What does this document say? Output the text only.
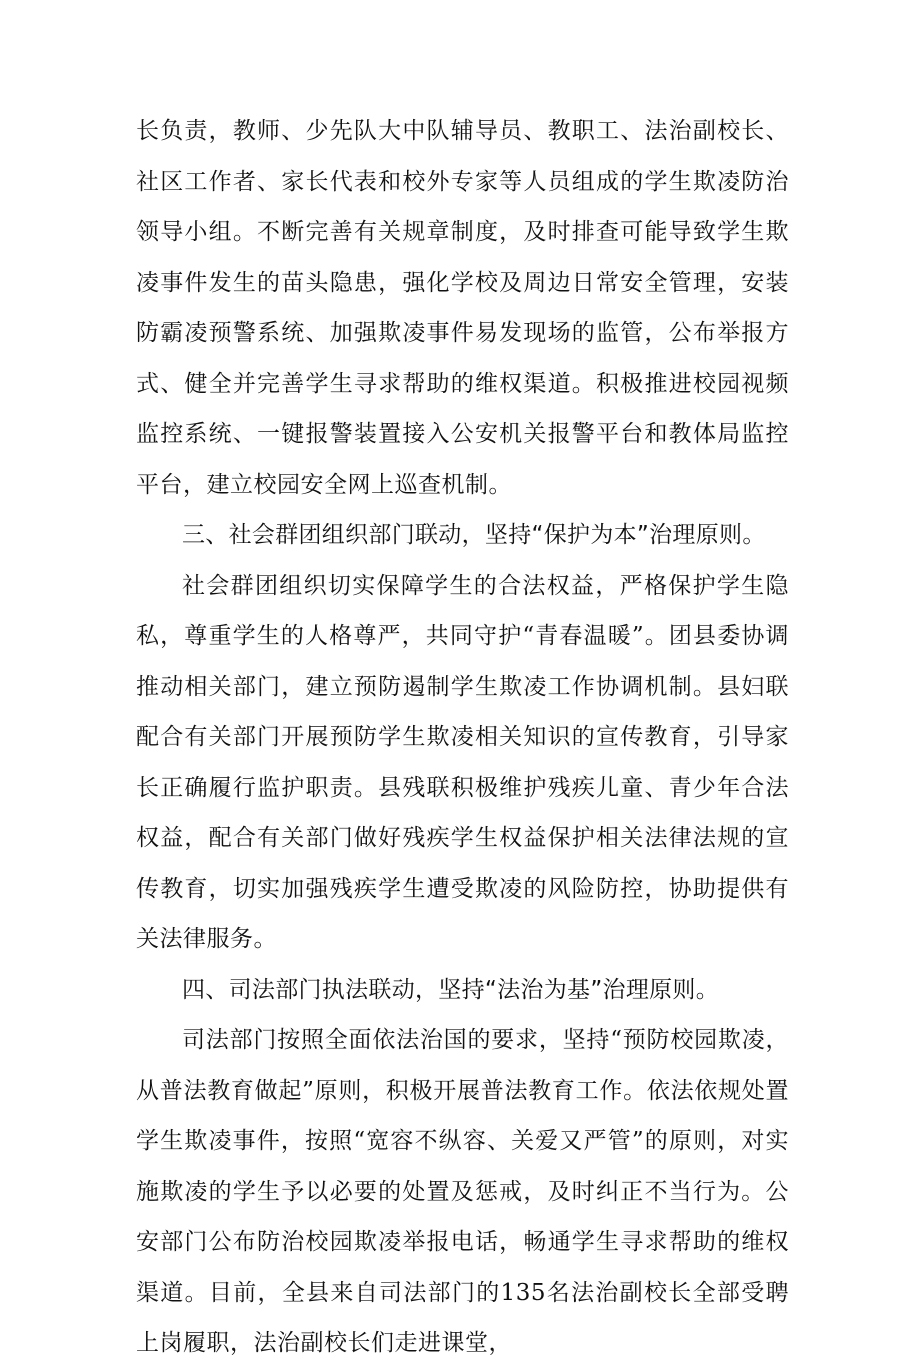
长负责，教师、少先队大中队辅导员、教职工、法治副校长、社区工作者、家长代表和校外专家等人员组成的学生欺凌防治领导小组。不断完善有关规章制度，及时排查可能导致学生欺凌事件发生的苗头隐患，强化学校及周边日常安全管理，安装防霸凌预警系统、加强欺凌事件易发现场的监管，公布举报方式、健全并完善学生寻求帮助的维权渠道。积极推进校园视频监控系统、一键报警装置接入公安机关报警平台和教体局监控平台，建立校园安全网上巡查机制。

三、社会群团组织部门联动，坚持“保护为本”治理原则。

社会群团组织切实保障学生的合法权益，严格保护学生隐私，尊重学生的人格尊严，共同守护“青春温暖”。团县委协调推动相关部门，建立预防遏制学生欺凌工作协调机制。县妇联配合有关部门开展预防学生欺凌相关知识的宣传教育，引导家长正确履行监护职责。县残联积极维护残疾儿童、青少年合法权益，配合有关部门做好残疾学生权益保护相关法律法规的宣传教育，切实加强残疾学生遭受欺凌的风险防控，协助提供有关法律服务。

四、司法部门执法联动，坚持“法治为基”治理原则。

司法部门按照全面依法治国的要求，坚持“预防校园欺凌，从普法教育做起”原则，积极开展普法教育工作。依法依规处置学生欺凌事件，按照“宽容不纵容、关爱又严管”的原则，对实施欺凌的学生予以必要的处置及惩戒，及时纠正不当行为。公安部门公布防治校园欺凌举报电话，畅通学生寻求帮助的维权渠道。目前，全县来自司法部门的135名法治副校长全部受聘上岗履职，法治副校长们走进课堂，
